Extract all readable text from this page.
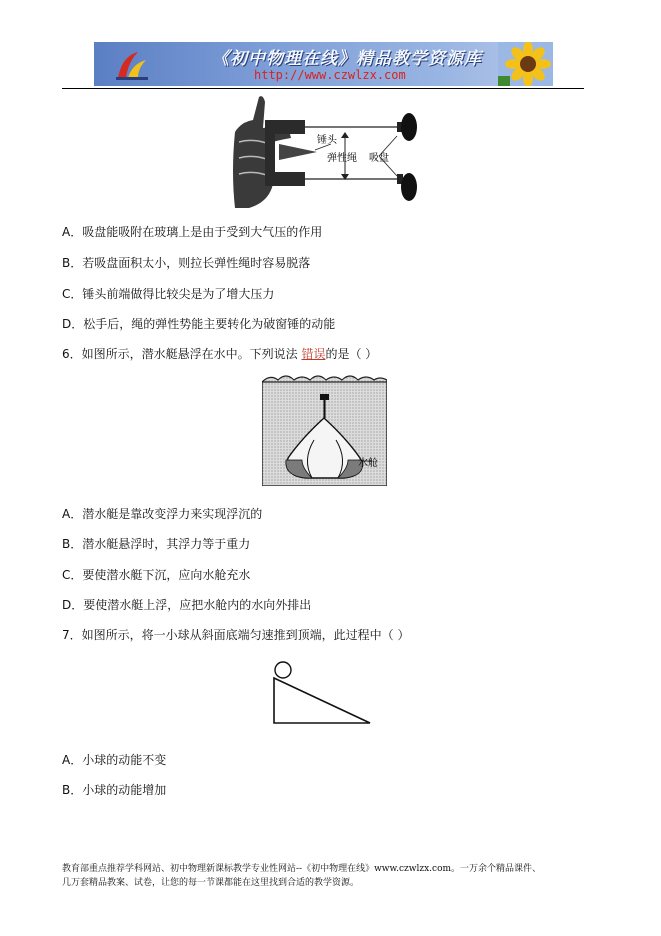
《初中物理在线》精品教学资源库
http://www.czwlzx.com
锤头
弹性绳 吸盘
A．吸盘能吸附在玻璃上是由于受到大气压的作用
B．若吸盘面积太小，则拉长弹性绳时容易脱落
C．锤头前端做得比较尖是为了增大压力
D．松手后，绳的弹性势能主要转化为破窗锤的动能
6．如图所示，潜水艇悬浮在水中。下列说法 错误的是（ ）
水舱
A．潜水艇是靠改变浮力来实现浮沉的
B．潜水艇悬浮时，其浮力等于重力
C．要使潜水艇下沉，应向水舱充水
D．要使潜水艇上浮，应把水舱内的水向外排出
7．如图所示，将一小球从斜面底端匀速推到顶端，此过程中（ ）
A．小球的动能不变
B．小球的动能增加
教育部重点推荐学科网站、初中物理新课标教学专业性网站--《初中物理在线》www.czwlzx.com。一万余个精品课件、
几万套精品教案、试卷，让您的每一节课都能在这里找到合适的教学资源。
